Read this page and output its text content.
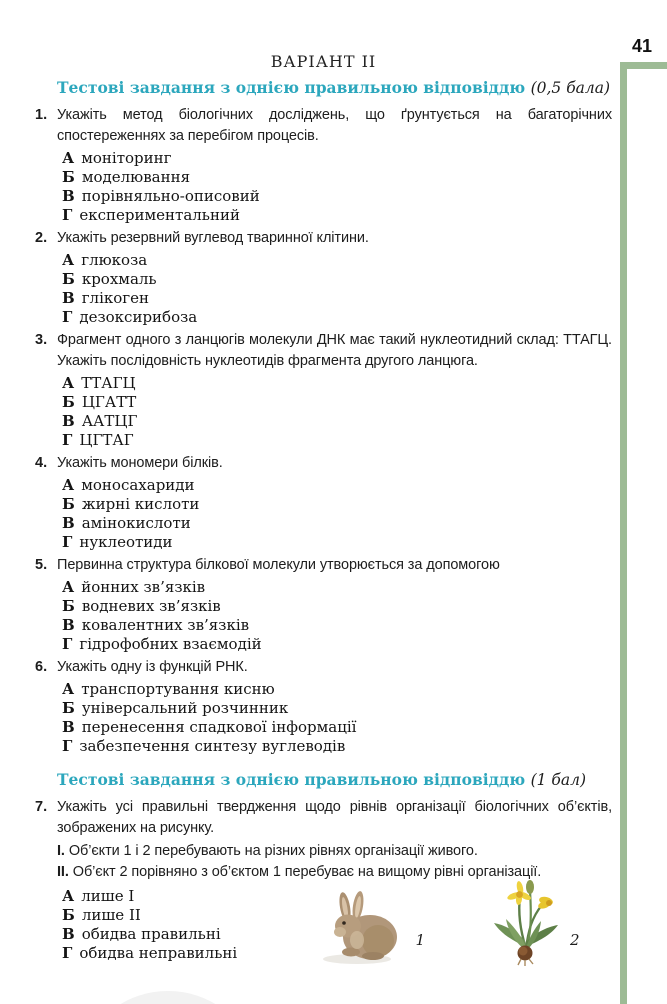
41
ВАРІАНТ ІІ
Тестові завдання з однією правильною відповіддю (0,5 бала)
1. Укажіть метод біологічних досліджень, що ґрунтується на багаторічних спостереженнях за перебігом процесів.
А моніторинг
Б моделювання
В порівняльно-описовий
Г експериментальний
2. Укажіть резервний вуглевод тваринної клітини.
А глюкоза
Б крохмаль
В глікоген
Г дезоксирибоза
3. Фрагмент одного з ланцюгів молекули ДНК має такий нуклеотидний склад: ТТАГЦ. Укажіть послідовність нуклеотидів фрагмента другого ланцюга.
А ТТАГЦ
Б ЦГАТТ
В ААТЦГ
Г ЦГТАГ
4. Укажіть мономери білків.
А моносахариди
Б жирні кислоти
В амінокислоти
Г нуклеотиди
5. Первинна структура білкової молекули утворюється за допомогою
А йонних зв’язків
Б водневих зв’язків
В ковалентних зв’язків
Г гідрофобних взаємодій
6. Укажіть одну із функцій РНК.
А транспортування кисню
Б універсальний розчинник
В перенесення спадкової інформації
Г забезпечення синтезу вуглеводів
Тестові завдання з однією правильною відповіддю (1 бал)
7. Укажіть усі правильні твердження щодо рівнів організації біологічних об’єктів, зображених на рисунку.
І. Об’єкти 1 і 2 перебувають на різних рівнях організації живого.
ІІ. Об’єкт 2 порівняно з об’єктом 1 перебуває на вищому рівні організації.
А лише І
Б лише ІІ
В обидва правильні
Г обидва неправильні
1	2
